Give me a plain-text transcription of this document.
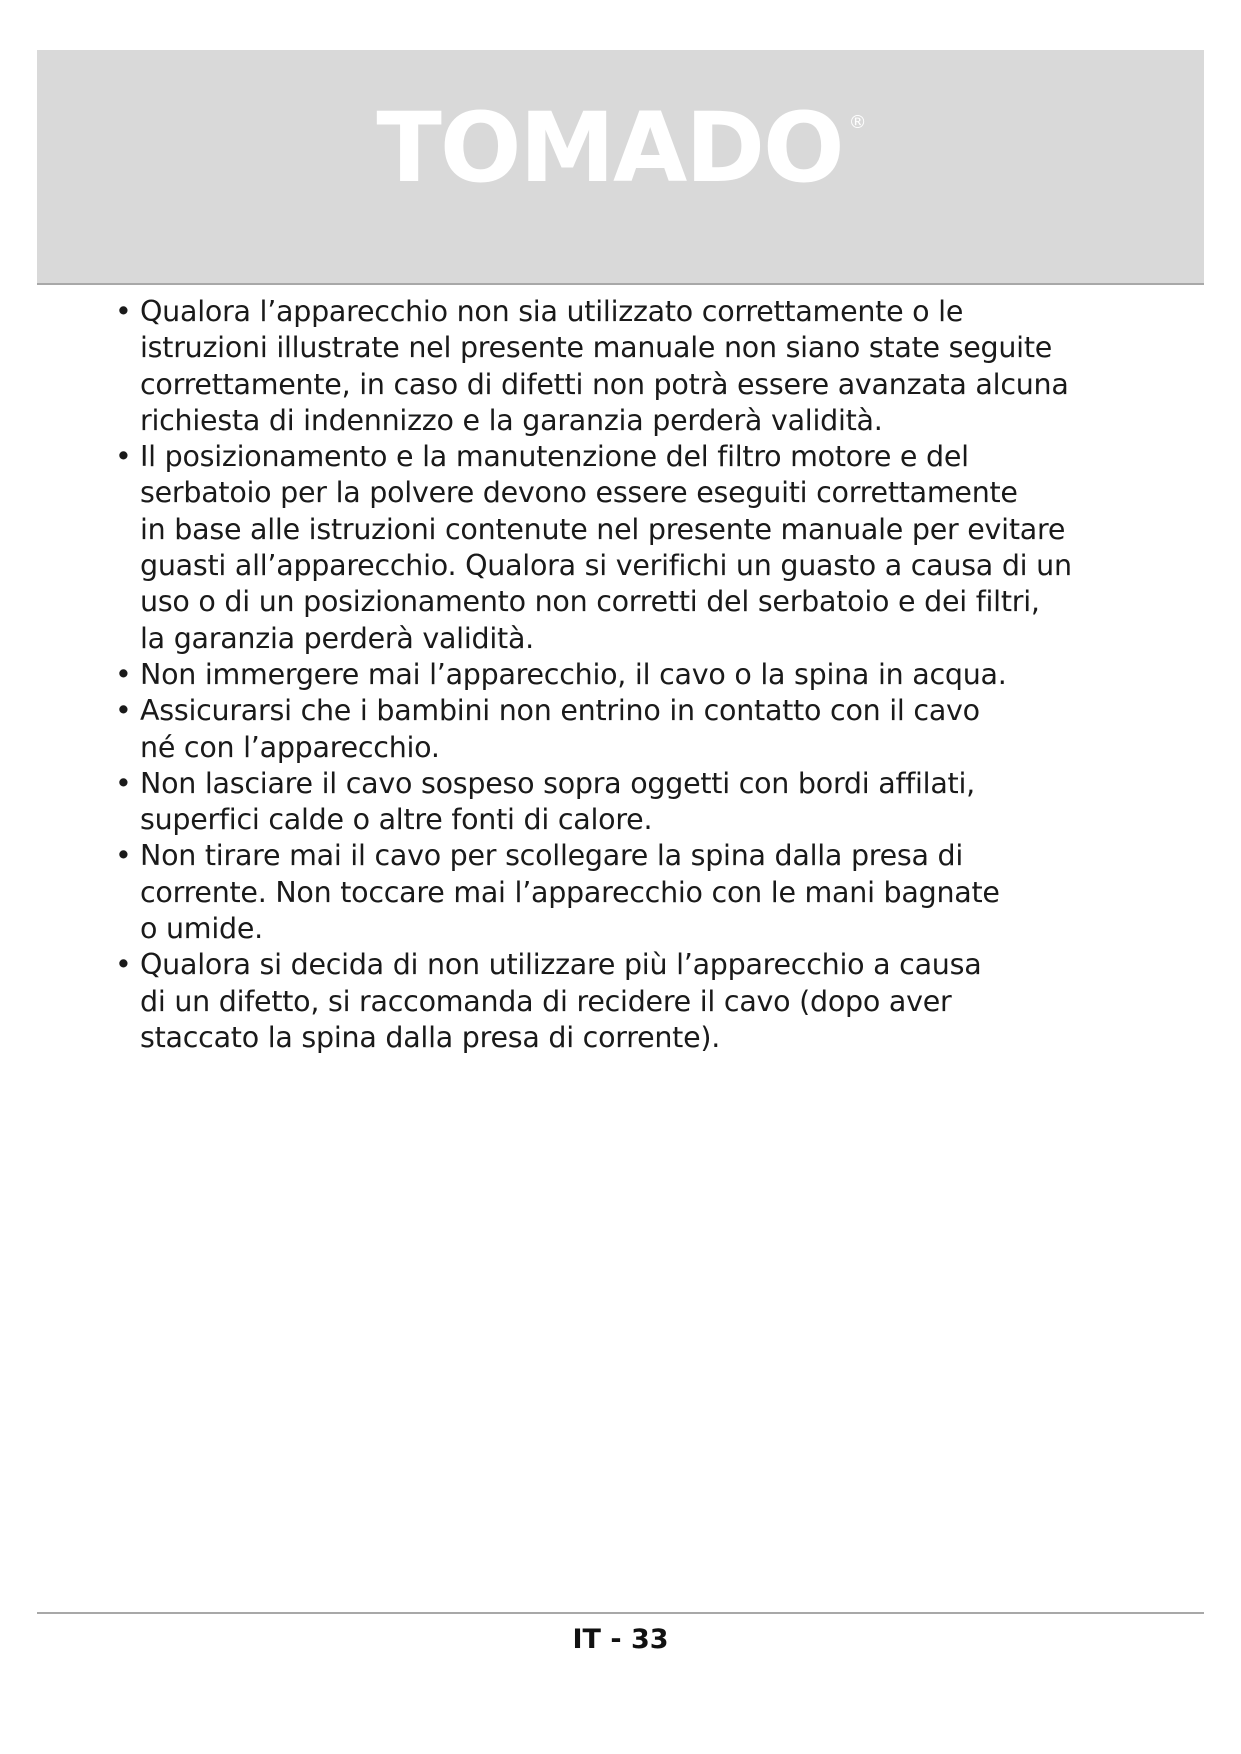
TOMADO ®
• Qualora l’apparecchio non sia utilizzato correttamente o le
istruzioni illustrate nel presente manuale non siano state seguite
correttamente, in caso di difetti non potrà essere avanzata alcuna
richiesta di indennizzo e la garanzia perderà validità.
• Il posizionamento e la manutenzione del filtro motore e del
serbatoio per la polvere devono essere eseguiti correttamente
in base alle istruzioni contenute nel presente manuale per evitare
guasti all’apparecchio. Qualora si verifichi un guasto a causa di un
uso o di un posizionamento non corretti del serbatoio e dei filtri,
la garanzia perderà validità.
• Non immergere mai l’apparecchio, il cavo o la spina in acqua.
• Assicurarsi che i bambini non entrino in contatto con il cavo
né con l’apparecchio.
• Non lasciare il cavo sospeso sopra oggetti con bordi affilati,
superfici calde o altre fonti di calore.
• Non tirare mai il cavo per scollegare la spina dalla presa di
corrente. Non toccare mai l’apparecchio con le mani bagnate
o umide.
• Qualora si decida di non utilizzare più l’apparecchio a causa
di un difetto, si raccomanda di recidere il cavo (dopo aver
staccato la spina dalla presa di corrente).
IT - 33
